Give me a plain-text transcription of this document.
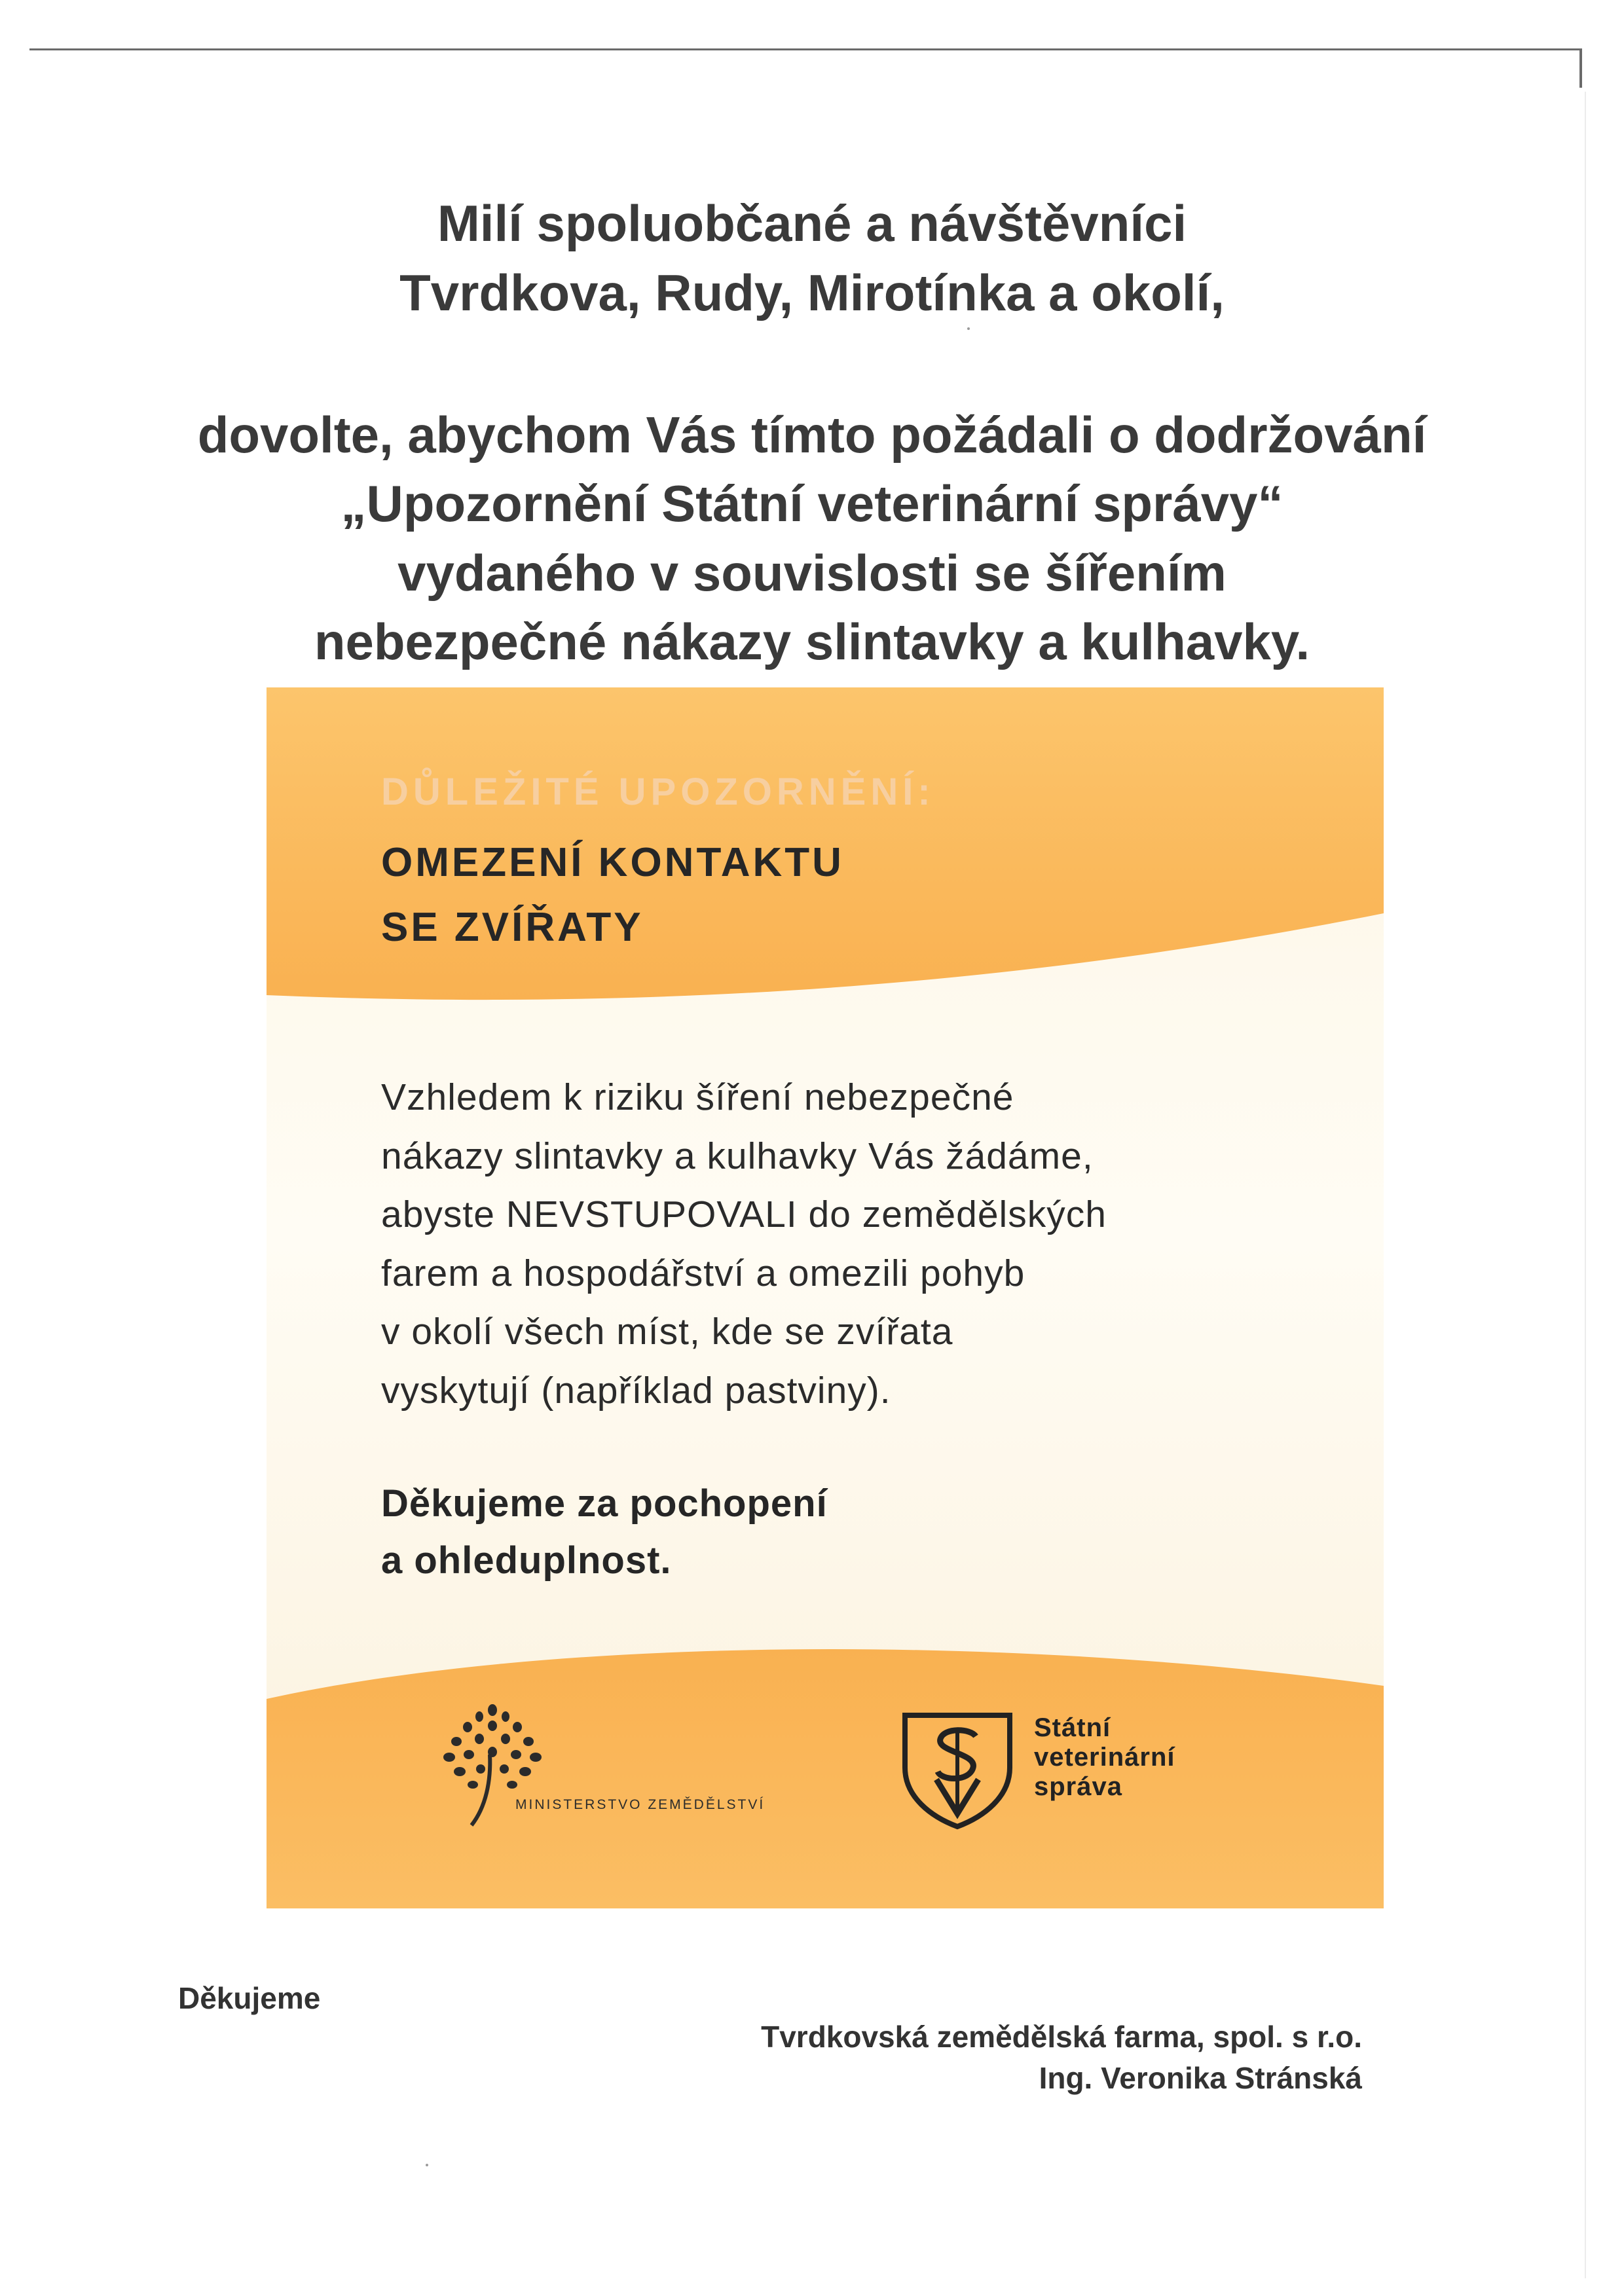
Milí spoluobčané a návštěvníci
Tvrdkova, Rudy, Mirotínka a okolí,

dovolte, abychom Vás tímto požádali o dodržování
„Upozornění Státní veterinární správy“
vydaného v souvislosti se šířením
nebezpečné nákazy slintavky a kulhavky.

DŮLEŽITÉ UPOZORNĚNÍ:

OMEZENÍ KONTAKTU
SE ZVÍŘATY

Vzhledem k riziku šíření nebezpečné
nákazy slintavky a kulhavky Vás žádáme,
abyste NEVSTUPOVALI do zemědělských
farem a hospodářství a omezili pohyb
v okolí všech míst, kde se zvířata
vyskytují (například pastviny).

Děkujeme za pochopení
a ohleduplnost.

MINISTERSTVO ZEMĚDĚLSTVÍ

Státní
veterinární
správa

Děkujeme

Tvrdkovská zemědělská farma, spol. s r.o.
Ing. Veronika Stránská
